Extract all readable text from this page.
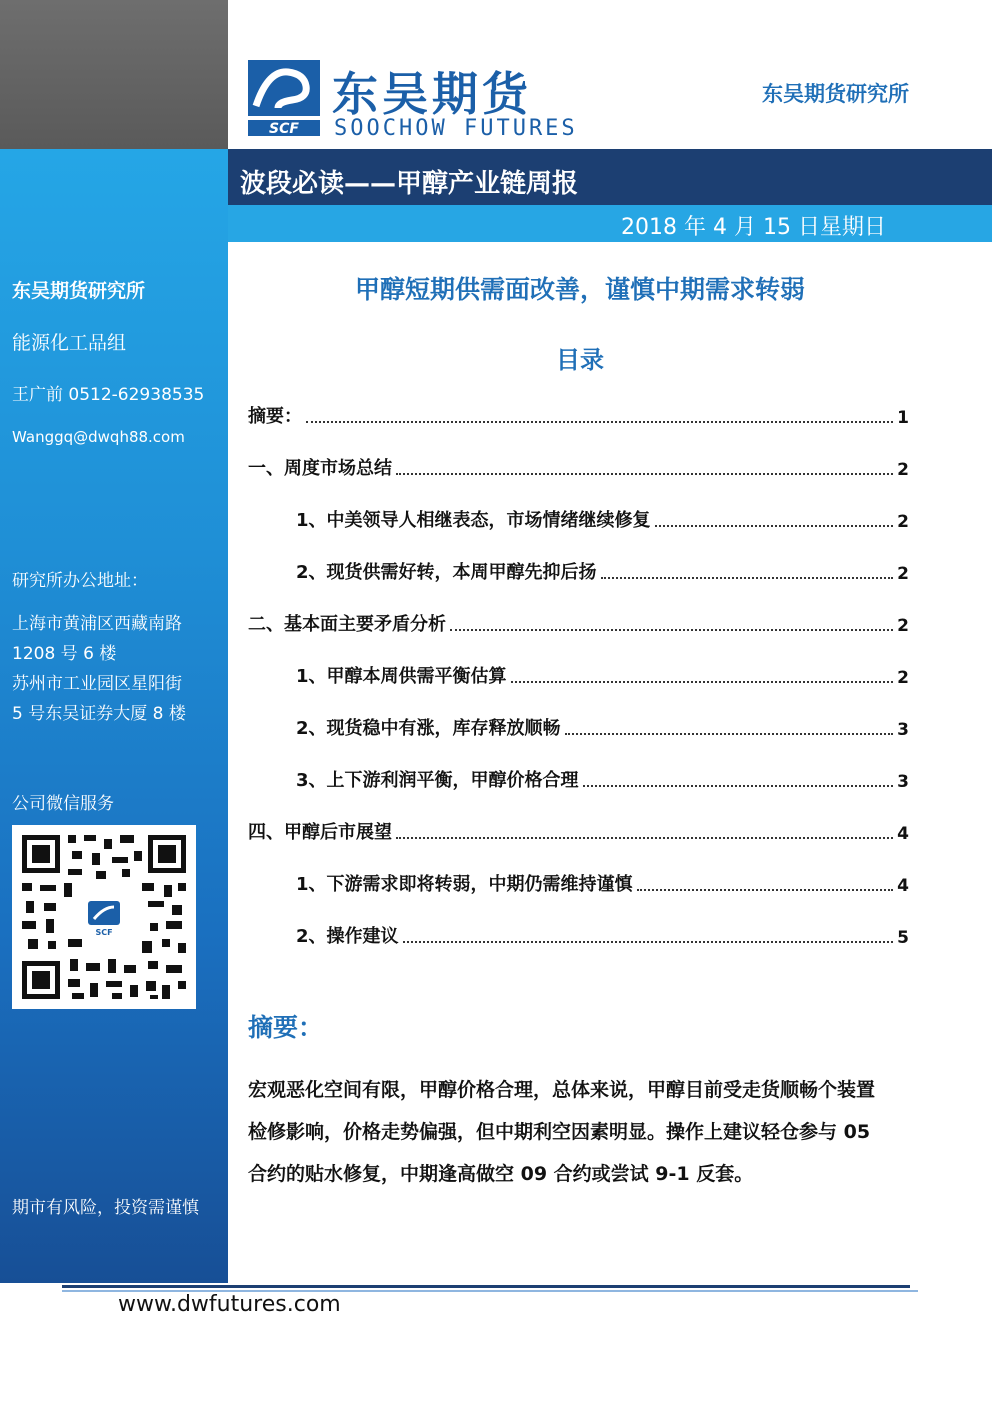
东吴期货研究所
能源化工品组
王广前 0512-62938535
Wanggq@dwqh88.com
研究所办公地址：
上海市黄浦区西藏南路
1208 号 6 楼
苏州市工业园区星阳街
5 号东吴证券大厦 8 楼
公司微信服务
SCF
期市有风险，投资需谨慎
SCF
东吴期货
SOOCHOW FUTURES
东吴期货研究所
波段必读——甲醇产业链周报
2018 年 4 月 15 日星期日
甲醇短期供需面改善，谨慎中期需求转弱
目录
摘要：	1
一、周度市场总结	2
1、中美领导人相继表态，市场情绪继续修复	2
2、现货供需好转，本周甲醇先抑后扬	2
二、基本面主要矛盾分析	2
1、甲醇本周供需平衡估算	2
2、现货稳中有涨，库存释放顺畅	3
3、上下游利润平衡，甲醇价格合理	3
四、甲醇后市展望	4
1、下游需求即将转弱，中期仍需维持谨慎	4
2、操作建议	5
摘要：
宏观恶化空间有限，甲醇价格合理，总体来说，甲醇目前受走货顺畅个装置
检修影响，价格走势偏强，但中期利空因素明显。操作上建议轻仓参与 05
合约的贴水修复，中期逢高做空 09 合约或尝试 9-1 反套。
www.dwfutures.com
